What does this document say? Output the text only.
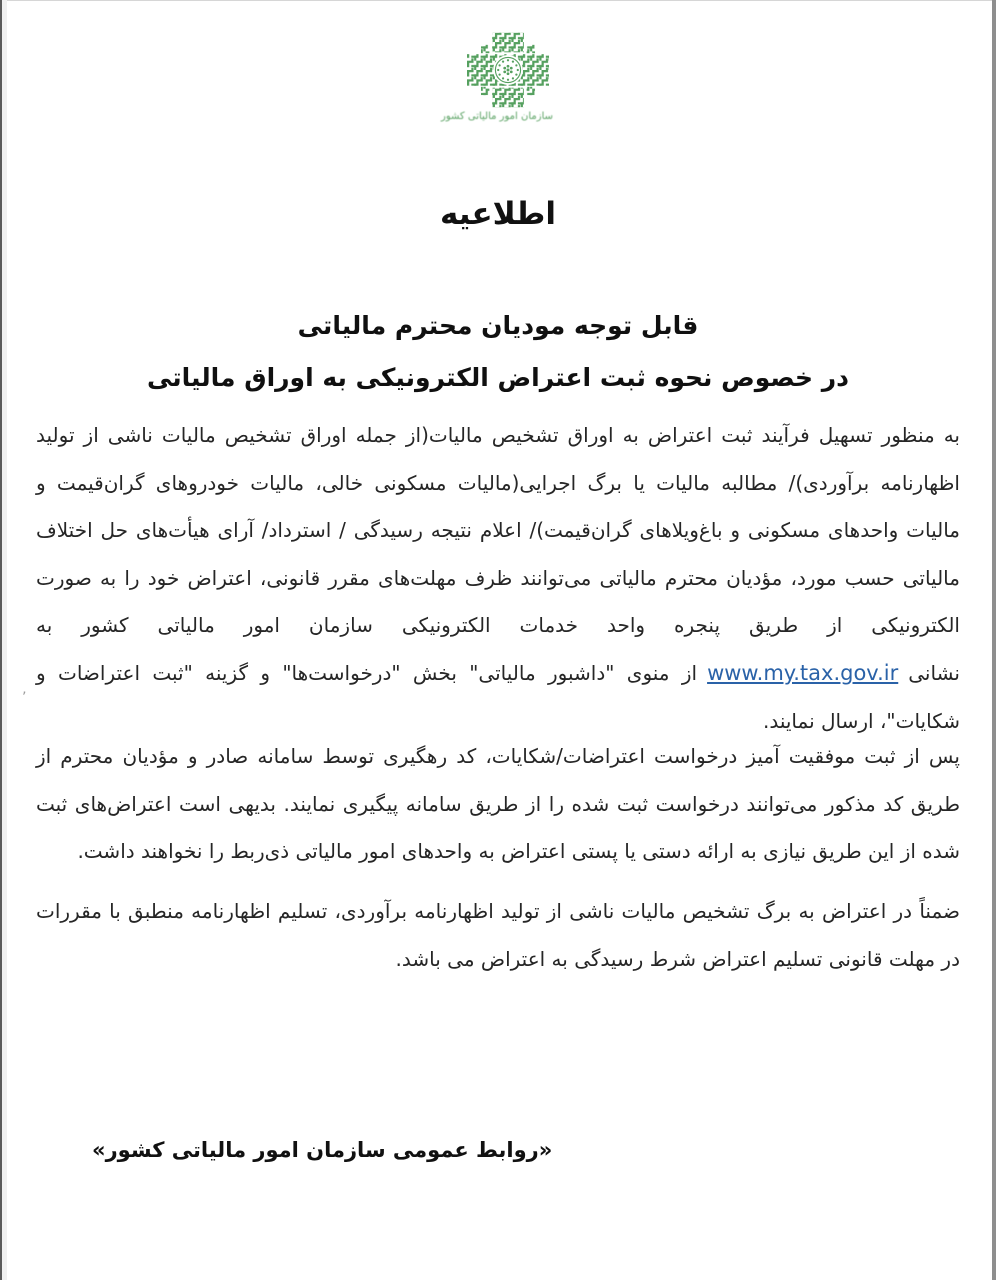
’
سازمان امور مالیاتی کشور
اطلاعیه
قابل توجه مودیان محترم مالیاتی
در خصوص نحوه ثبت اعتراض الکترونیکی به اوراق مالیاتی

به منظور تسهیل فرآیند ثبت اعتراض به اوراق تشخیص مالیات(از جمله اوراق تشخیص مالیات ناشی از تولید اظهارنامه برآوردی)/ مطالبه مالیات یا برگ اجرایی(مالیات مسکونی خالی، مالیات خودروهای گران‌قیمت و مالیات واحدهای مسکونی و باغ‌ویلاهای گران‌قیمت)/ اعلام نتیجه رسیدگی / استرداد/ آرای هیأت‌های حل اختلاف مالیاتی حسب مورد، مؤدیان محترم مالیاتی می‌توانند ظرف مهلت‌های مقرر قانونی، اعتراض خود را به صورت الکترونیکی از طریق پنجره واحد خدمات الکترونیکی سازمان امور مالیاتی کشور به نشانیwww.my.tax.gov.irاز منوی "داشبور مالیاتی" بخش "درخواست‌ها" و گزینه "ثبت اعتراضات و شکایات"، ارسال نمایند.

پس از ثبت موفقیت آمیز درخواست اعتراضات/شکایات، کد رهگیری توسط سامانه صادر و مؤدیان محترم از طریق کد مذکور می‌توانند درخواست ثبت شده را از طریق سامانه پیگیری نمایند. بدیهی است اعتراض‌های ثبت شده از این طریق نیازی به ارائه دستی یا پستی اعتراض به واحدهای امور مالیاتی ذی‌ربط را نخواهند داشت.

ضمناً در اعتراض به برگ تشخیص مالیات ناشی از تولید اظهارنامه برآوردی، تسلیم اظهارنامه منطبق با مقررات در مهلت قانونی تسلیم اعتراض شرط رسیدگی به اعتراض می باشد.

«روابط عمومی سازمان امور مالیاتی کشور»
